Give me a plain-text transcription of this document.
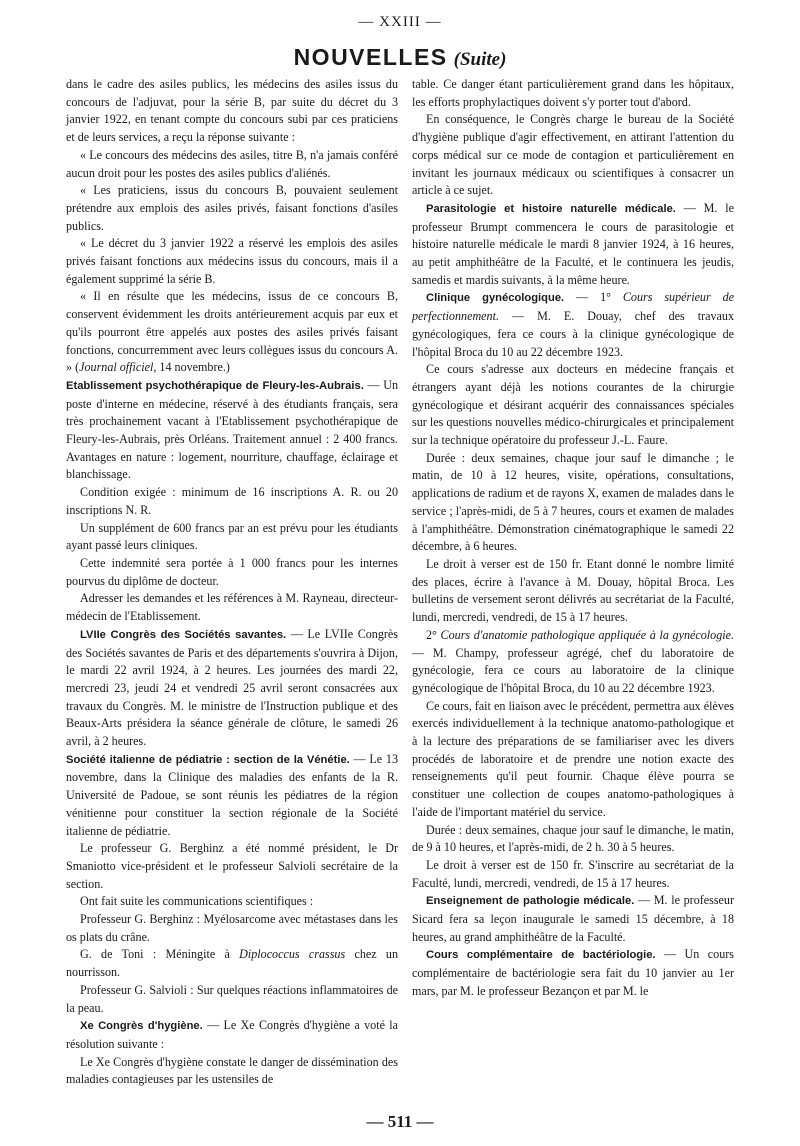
— XXIII —
NOUVELLES (Suite)

dans le cadre des asiles publics, les médecins des asiles issus du concours de l'adjuvat, pour la série B, par suite du décret du 3 janvier 1922, en tenant compte du concours subi par ces praticiens et de leurs services, a reçu la réponse suivante :

« Le concours des médecins des asiles, titre B, n'a jamais conféré aucun droit pour les postes des asiles publics d'aliénés.

« Les praticiens, issus du concours B, pouvaient seulement prétendre aux emplois des asiles privés, faisant fonctions d'asiles publics.

« Le décret du 3 janvier 1922 a réservé les emplois des asiles privés faisant fonctions aux médecins issus du concours, mais il a également supprimé la série B.

« Il en résulte que les médecins, issus de ce concours B, conservent évidemment les droits antérieurement acquis par eux et qu'ils pourront être appelés aux postes des asiles privés faisant fonctions, concurremment avec leurs collègues issus du concours A. » (Journal officiel, 14 novembre.)

Etablissement psychothérapique de Fleury-les-Aubrais. — Un poste d'interne en médecine, réservé à des étudiants français, sera très prochainement vacant à l'Etablissement psychothérapique de Fleury-les-Aubrais, près Orléans. Traitement annuel : 2 400 francs. Avantages en nature : logement, nourriture, chauffage, éclairage et blanchissage.

Condition exigée : minimum de 16 inscriptions A. R. ou 20 inscriptions N. R.

Un supplément de 600 francs par an est prévu pour les étudiants ayant passé leurs cliniques.

Cette indemnité sera portée à 1 000 francs pour les internes pourvus du diplôme de docteur.

Adresser les demandes et les références à M. Rayneau, directeur-médecin de l'Etablissement.

LVIIe Congrès des Sociétés savantes. — Le LVIIe Congrès des Sociétés savantes de Paris et des départements s'ouvrira à Dijon, le mardi 22 avril 1924, à 2 heures. Les journées des mardi 22, mercredi 23, jeudi 24 et vendredi 25 avril seront consacrées aux travaux du Congrès. M. le ministre de l'Instruction publique et des Beaux-Arts présidera la séance générale de clôture, le samedi 26 avril, à 2 heures.

Société italienne de pédiatrie : section de la Vénétie. — Le 13 novembre, dans la Clinique des maladies des enfants de la R. Université de Padoue, se sont réunis les pédiatres de la région vénitienne pour constituer la section régionale de la Société italienne de pédiatrie.

Le professeur G. Berghinz a été nommé président, le Dr Smaniotto vice-président et le professeur Salvioli secrétaire de la section.

Ont fait suite les communications scientifiques :

Professeur G. Berghinz : Myélosarcome avec métastases dans les os plats du crâne.

G. de Toni : Méningite à Diplococcus crassus chez un nourrisson.

Professeur G. Salvioli : Sur quelques réactions inflammatoires de la peau.

Xe Congrès d'hygiène. — Le Xe Congrès d'hygiène a voté la résolution suivante :

Le Xe Congrès d'hygiène constate le danger de dissémination des maladies contagieuses par les ustensiles de

table. Ce danger étant particulièrement grand dans les hôpitaux, les efforts prophylactiques doivent s'y porter tout d'abord.

En conséquence, le Congrès charge le bureau de la Société d'hygiène publique d'agir effectivement, en attirant l'attention du corps médical sur ce mode de contagion et particulièrement en invitant les journaux médicaux ou scientifiques à consacrer un article à ce sujet.

Parasitologie et histoire naturelle médicale. — M. le professeur Brumpt commencera le cours de parasitologie et histoire naturelle médicale le mardi 8 janvier 1924, à 16 heures, au petit amphithéâtre de la Faculté, et le continuera les jeudis, samedis et mardis suivants, à la même heure.

Clinique gynécologique. — 1° Cours supérieur de perfectionnement. — M. E. Douay, chef des travaux gynécologiques, fera ce cours à la clinique gynécologique de l'hôpital Broca du 10 au 22 décembre 1923.

Ce cours s'adresse aux docteurs en médecine français et étrangers ayant déjà les notions courantes de la chirurgie gynécologique et désirant acquérir des connaissances spéciales sur les questions nouvelles médico-chirurgicales et principalement sur la technique opératoire du professeur J.-L. Faure.

Durée : deux semaines, chaque jour sauf le dimanche ; le matin, de 10 à 12 heures, visite, opérations, consultations, applications de radium et de rayons X, examen de malades dans le service ; l'après-midi, de 5 à 7 heures, cours et examen de malades à l'amphithéâtre. Démonstration cinématographique le samedi 22 décembre, à 6 heures.

Le droit à verser est de 150 fr. Etant donné le nombre limité des places, écrire à l'avance à M. Douay, hôpital Broca. Les bulletins de versement seront délivrés au secrétariat de la Faculté, lundi, mercredi, vendredi, de 15 à 17 heures.

2° Cours d'anatomie pathologique appliquée à la gynécologie. — M. Champy, professeur agrégé, chef du laboratoire de gynécologie, fera ce cours au laboratoire de la clinique gynécologique de l'hôpital Broca, du 10 au 22 décembre 1923.

Ce cours, fait en liaison avec le précédent, permettra aux élèves exercés individuellement à la technique anatomo-pathologique et à la lecture des préparations de se familiariser avec les divers procédés de laboratoire et de prendre une notion exacte des renseignements qu'il peut fournir. Chaque élève pourra se constituer une collection de coupes anatomo-pathologiques à l'aide de l'important matériel du service.

Durée : deux semaines, chaque jour sauf le dimanche, le matin, de 9 à 10 heures, et l'après-midi, de 2 h. 30 à 5 heures.

Le droit à verser est de 150 fr. S'inscrire au secrétariat de la Faculté, lundi, mercredi, vendredi, de 15 à 17 heures.

Enseignement de pathologie médicale. — M. le professeur Sicard fera sa leçon inaugurale le samedi 15 décembre, à 18 heures, au grand amphithéâtre de la Faculté.

Cours complémentaire de bactériologie. — Un cours complémentaire de bactériologie sera fait du 10 janvier au 1er mars, par M. le professeur Bezançon et par M. le

— 511 —
